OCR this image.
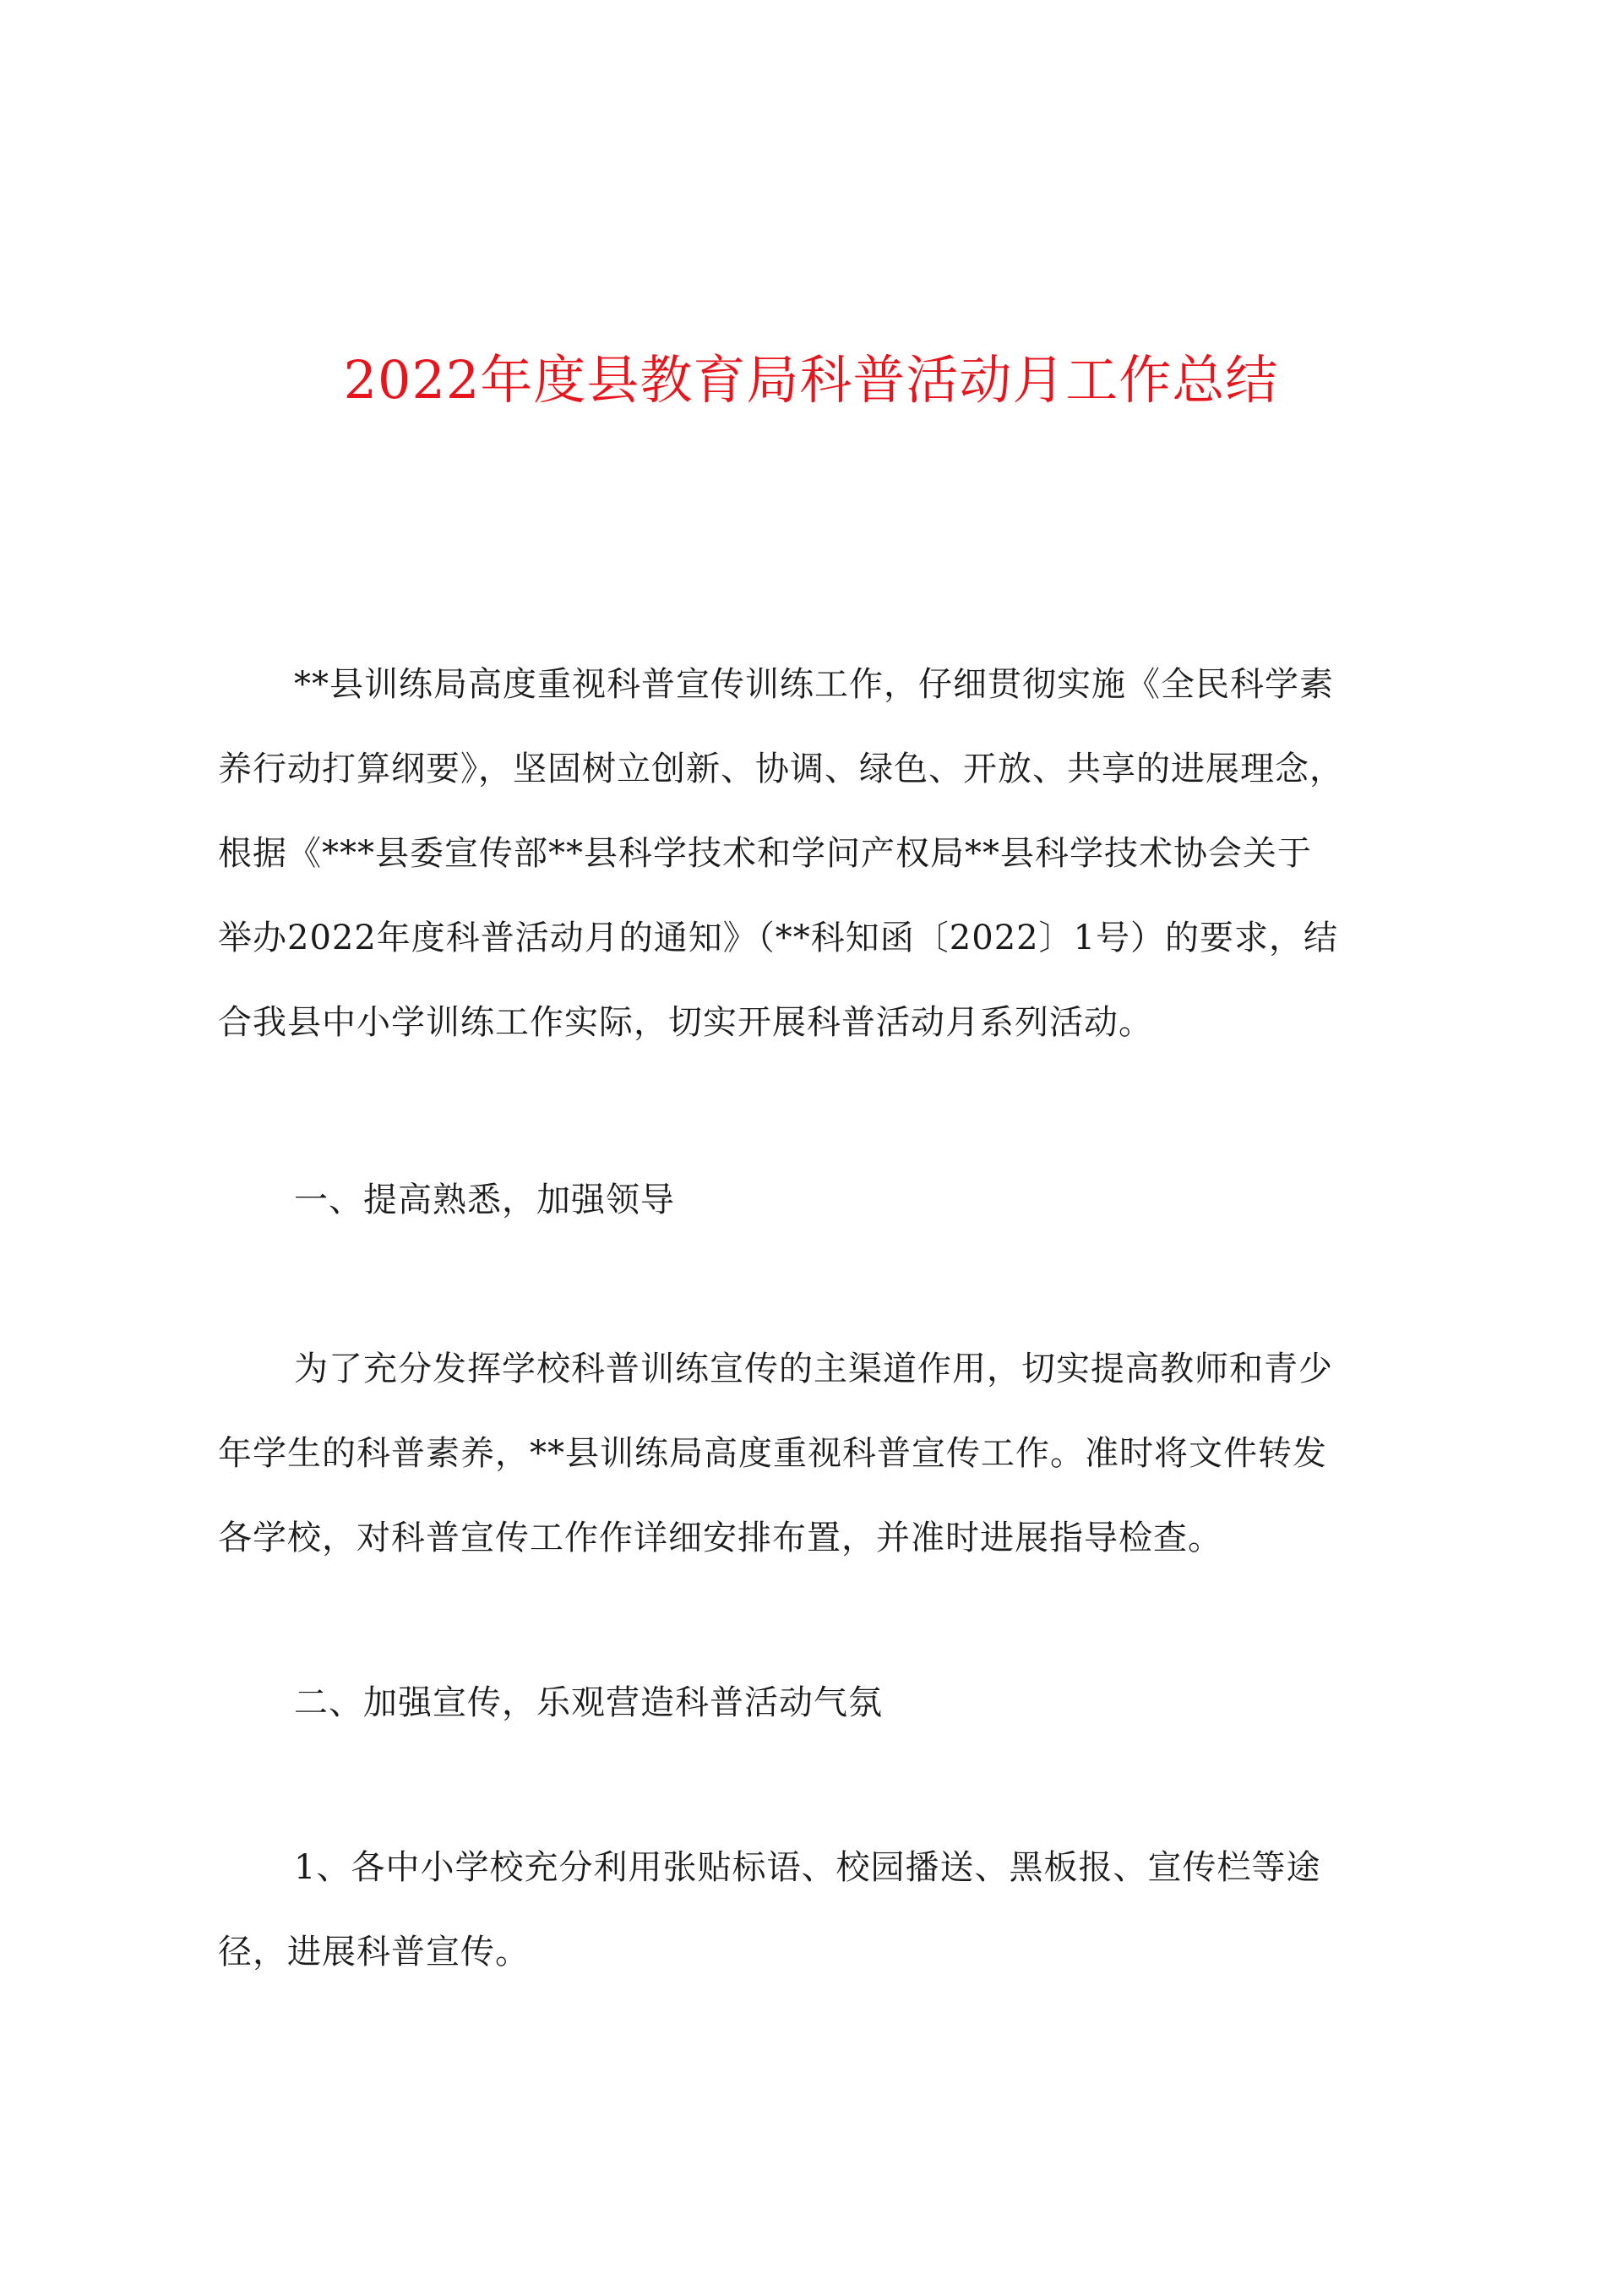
2022年度县教育局科普活动月工作总结
**县训练局高度重视科普宣传训练工作，仔细贯彻实施《全民科学素
养行动打算纲要》，坚固树立创新、协调、绿色、开放、共享的进展理念，
根据《***县委宣传部**县科学技术和学问产权局**县科学技术协会关于
举办2022年度科普活动月的通知》（**科知函〔2022〕1号）的要求，结
合我县中小学训练工作实际，切实开展科普活动月系列活动。
一、提高熟悉，加强领导
为了充分发挥学校科普训练宣传的主渠道作用，切实提高教师和青少
年学生的科普素养，**县训练局高度重视科普宣传工作。准时将文件转发
各学校，对科普宣传工作作详细安排布置，并准时进展指导检查。
二、加强宣传，乐观营造科普活动气氛
1、各中小学校充分利用张贴标语、校园播送、黑板报、宣传栏等途
径，进展科普宣传。
